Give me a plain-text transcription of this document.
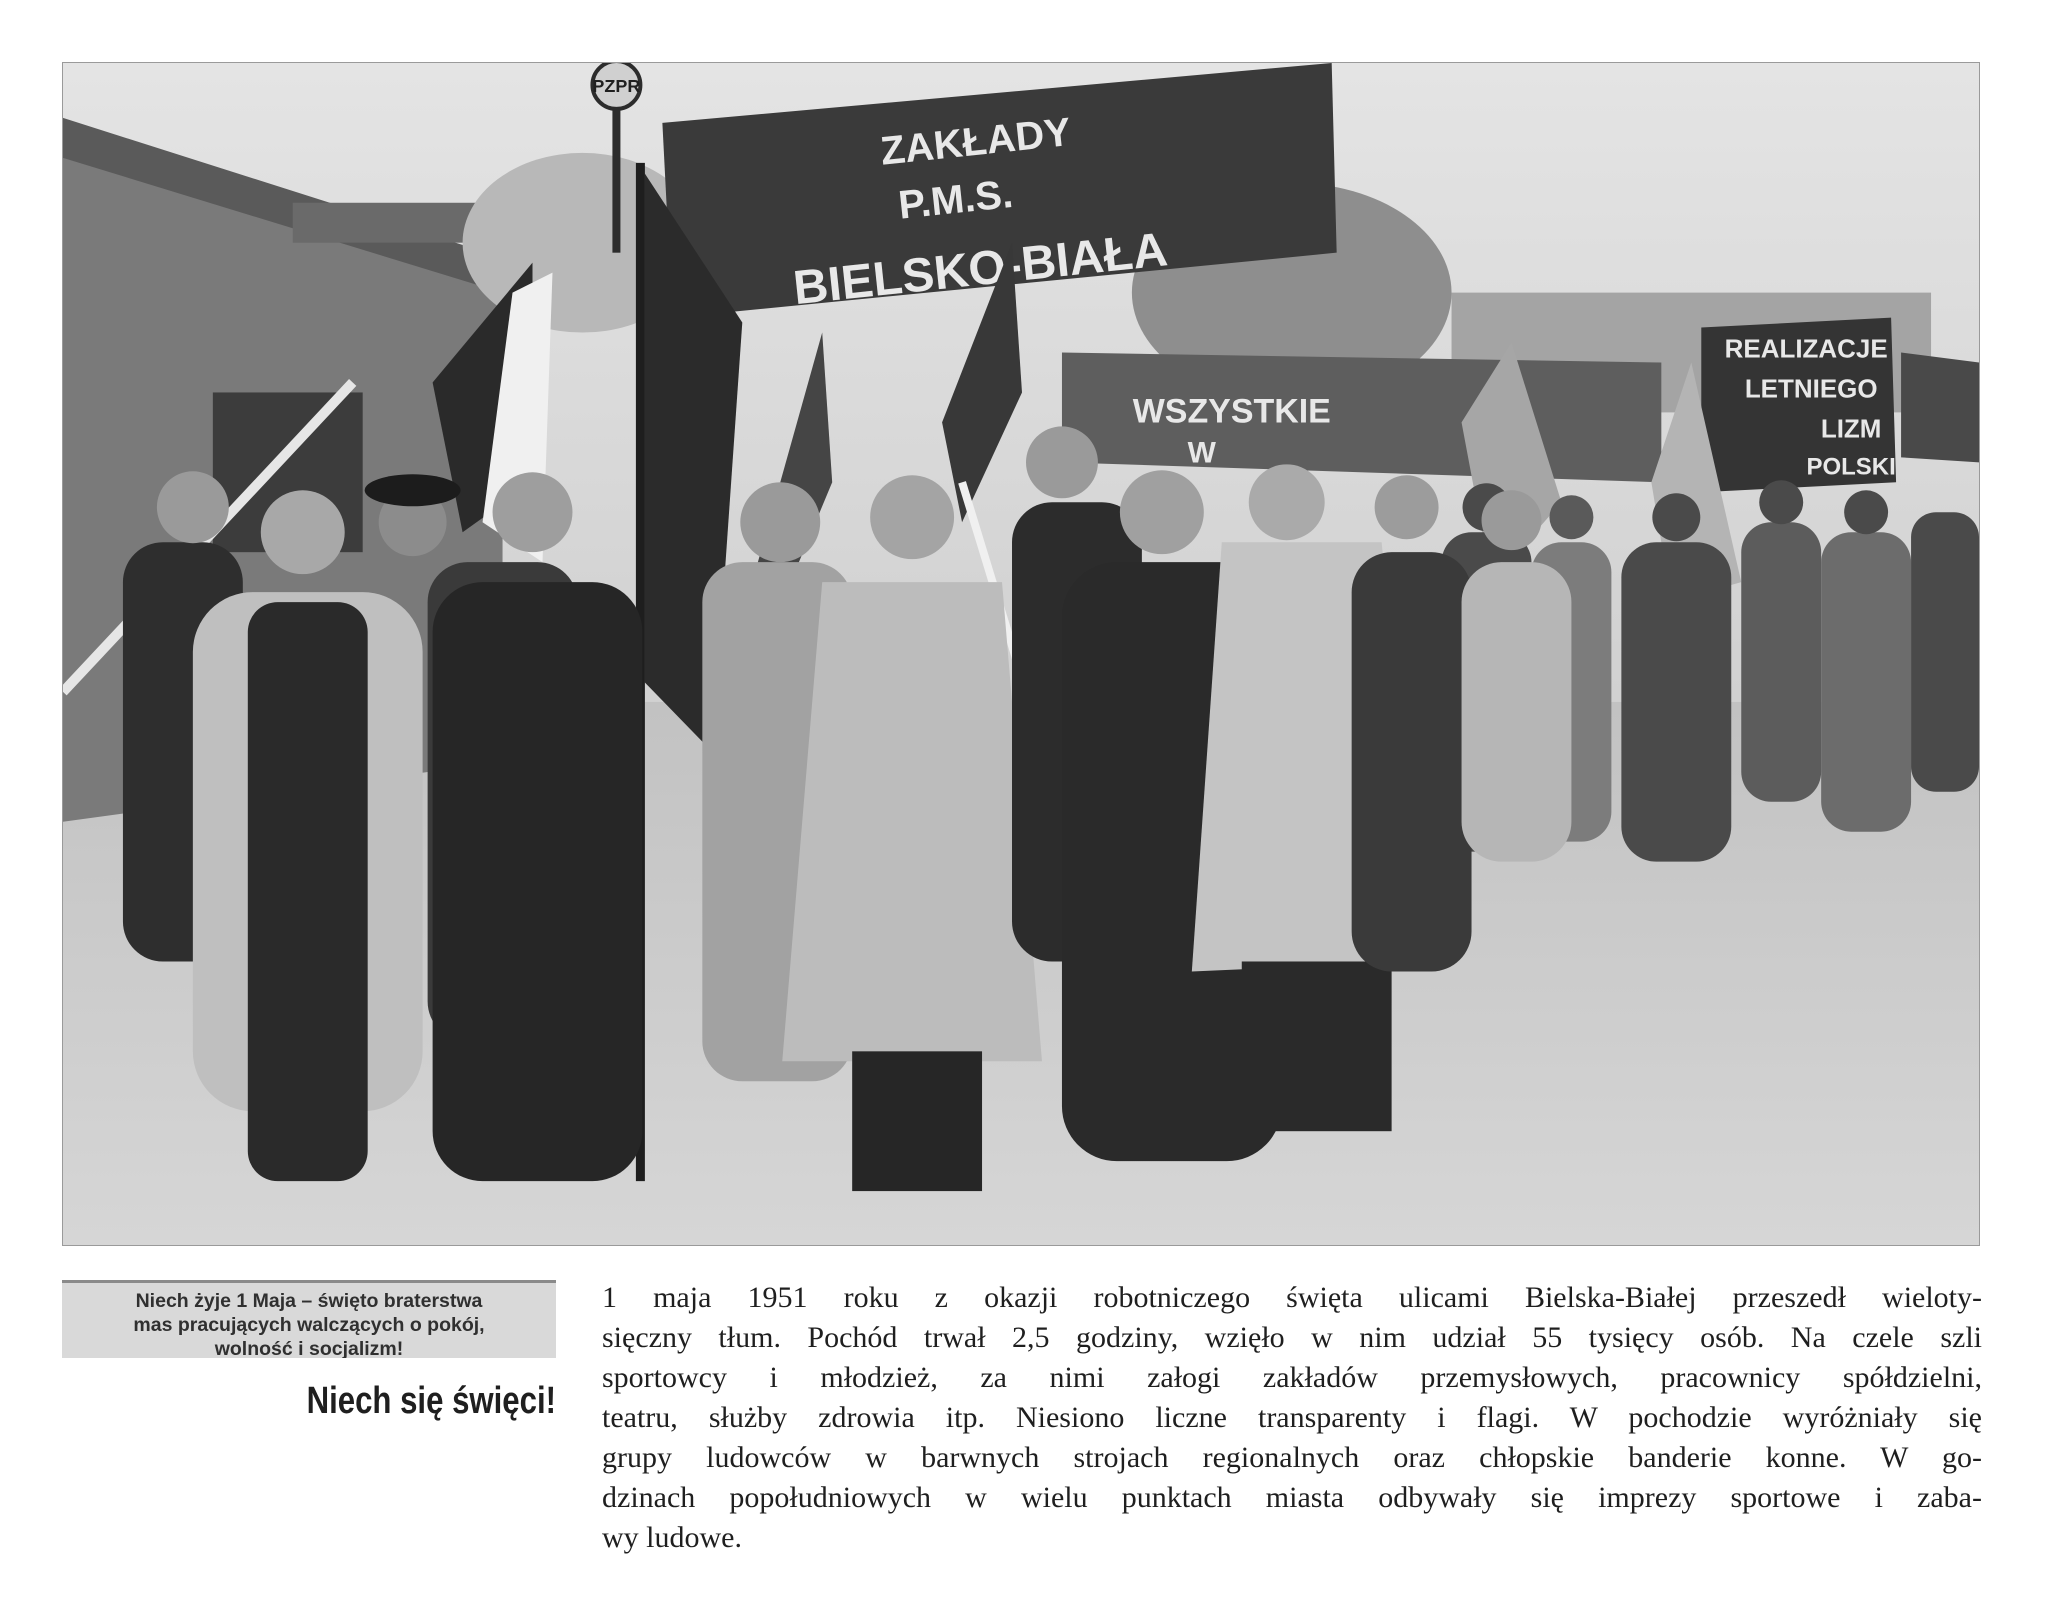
PZPR
ZAKŁADY
P.M.S.
BIELSKO-BIAŁA
WSZYSTKIE
W
REALIZACJE
LETNIEGO
LIZM
POLSKI
Niech żyje 1 Maja – święto braterstwa
mas pracujących walczących o pokój,
wolność i socjalizm!
Niech się święci!
1 maja 1951 roku z okazji robotniczego święta ulicami Bielska-Białej przeszedł wieloty-
sięczny tłum. Pochód trwał 2,5 godziny, wzięło w nim udział 55 tysięcy osób. Na czele szli
sportowcy i młodzież, za nimi załogi zakładów przemysłowych, pracownicy spółdzielni,
teatru, służby zdrowia itp. Niesiono liczne transparenty i flagi. W pochodzie wyróżniały się
grupy ludowców w barwnych strojach regionalnych oraz chłopskie banderie konne. W go-
dzinach popołudniowych w wielu punktach miasta odbywały się imprezy sportowe i zaba-
wy ludowe.
